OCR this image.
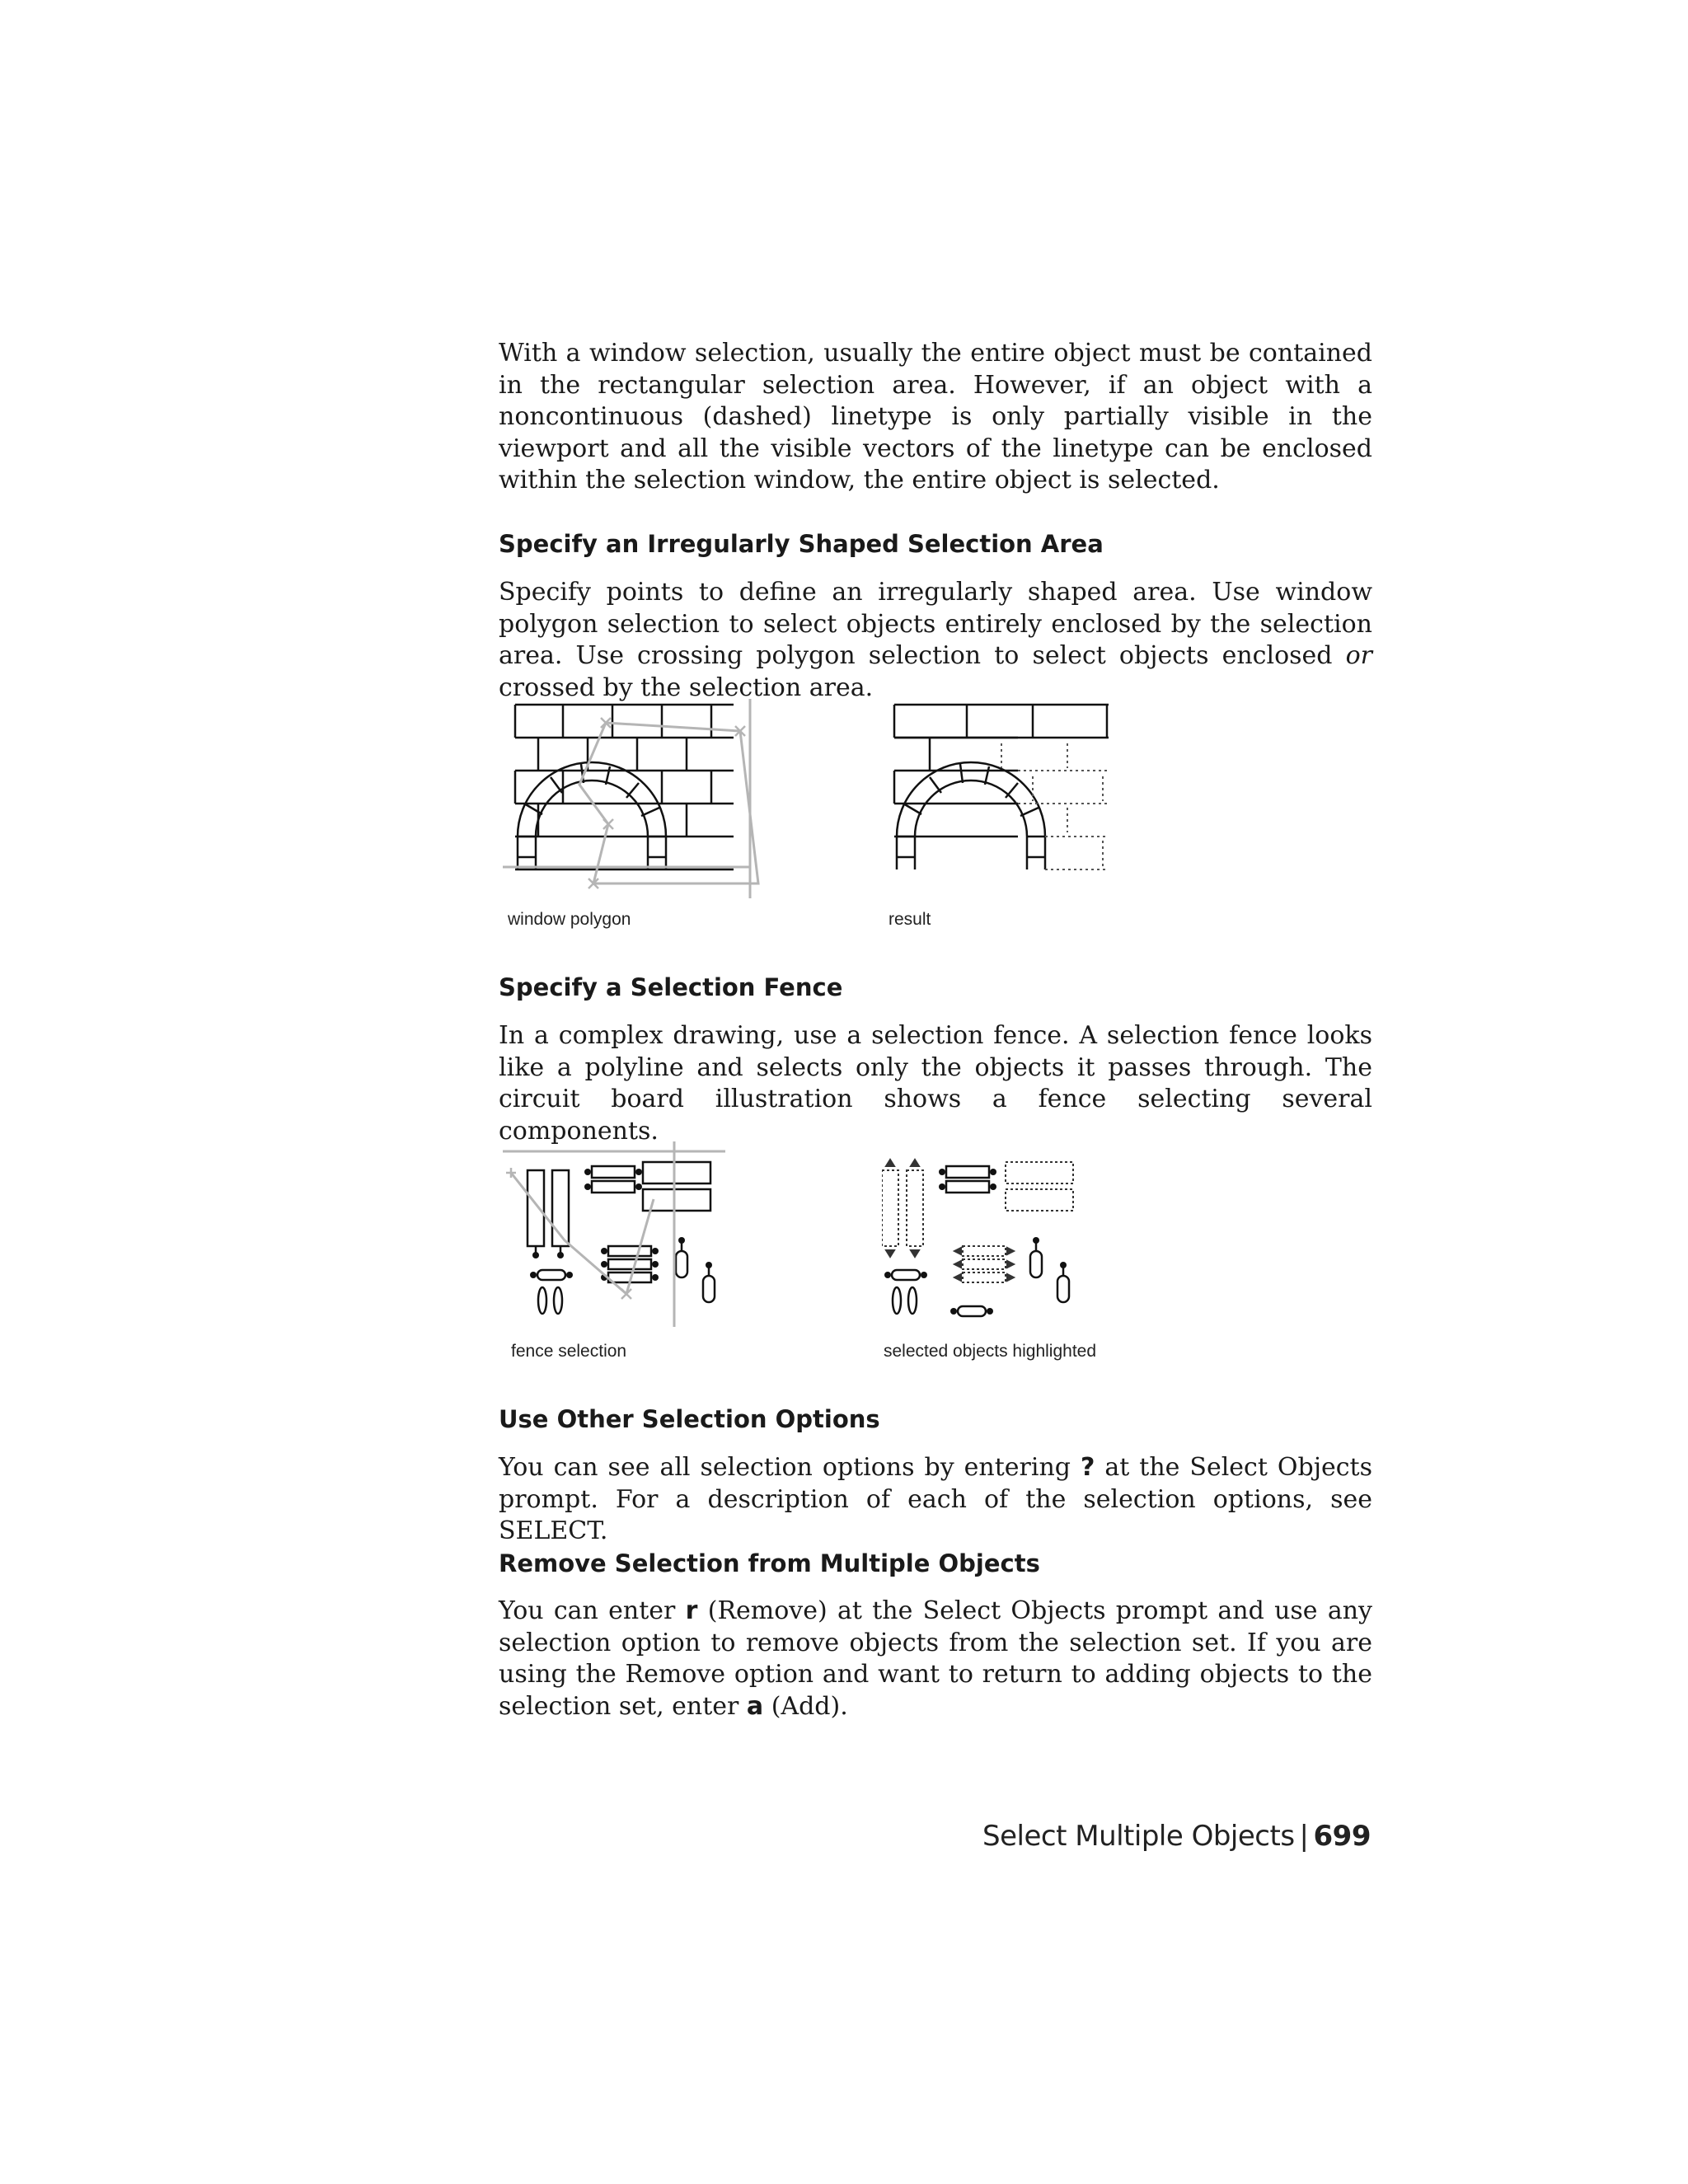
With a window selection, usually the entire object must be contained in the rectangular selection area. However, if an object with a noncontinuous (dashed) linetype is only partially visible in the viewport and all the visible vectors of the linetype can be enclosed within the selection window, the entire object is selected.

Specify an Irregularly Shaped Selection Area

Specify points to define an irregularly shaped area. Use window polygon selection to select objects entirely enclosed by the selection area. Use crossing polygon selection to select objects enclosed or crossed by the selection area.

window polygon	result
Specify a Selection Fence

In a complex drawing, use a selection fence. A selection fence looks like a polyline and selects only the objects it passes through. The circuit board illustration shows a fence selecting several components.

fence selection	selected objects highlighted
Use Other Selection Options

You can see all selection options by entering ? at the Select Objects prompt. For a description of each of the selection options, see SELECT.

Remove Selection from Multiple Objects

You can enter r (Remove) at the Select Objects prompt and use any selection option to remove objects from the selection set. If you are using the Remove option and want to return to adding objects to the selection set, enter a (Add).

Select Multiple Objects | 699
